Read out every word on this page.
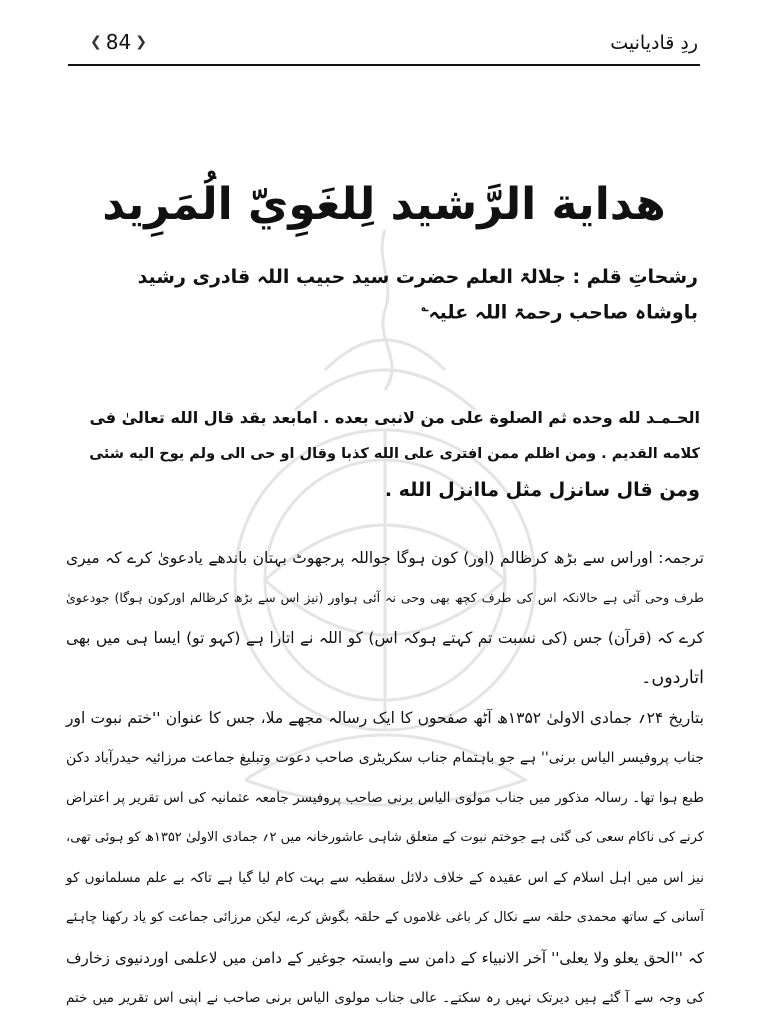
ردِ قادیانیت
❮ 84 ❯
هداية الرَّشيد لِلغَوِيّ الُمَرِيد
رشحاتِ قلم : جلالۃ العلم حضرت سید حبیب اللہ قادری رشید باوشاہ صاحب رحمۃ اللہ علیہ؎
الحـمـد لله وحده ثم الصلوة على من لانبى بعده . امابعد بقد قال الله تعالىٰ فى
كلامه القديم . ومن اظلم ممن افترى على الله كذبا وقال او حى الى ولم يوح اليه شئى
ومن قال سانزل مثل ماانزل الله .
ترجمہ: اوراس سے بڑھ کرظالم (اور) کون ہوگا جواللہ پرجھوٹ بہتان باندھے یادعویٰ کرے کہ میری
طرف وحی آئی ہے حالانکہ اس کی طرف کچھ بھی وحی نہ آئی ہواور (نیز اس سے بڑھ کرظالم اورکون ہوگا) جودعویٰ
کرے کہ (قرآن) جس (کی نسبت تم کہتے ہوکہ اس) کو اللہ نے اتارا ہے (کہو تو) ایسا ہی میں بھی
اتاردوں۔
بتاریخ ۲۴؍ جمادی الاولیٰ ۱۳۵۲ھ آٹھ صفحوں کا ایک رسالہ مجھے ملا، جس کا عنوان ''ختم نبوت اور
جناب پروفیسر الیاس برنی'' ہے جو باہتمام جناب سکریٹری صاحب دعوت وتبلیغ جماعت مرزائیہ حیدرآباد دکن
طبع ہوا تھا۔ رسالہ مذکور میں جناب مولوی الیاس برنی صاحب پروفیسر جامعہ عثمانیہ کی اس تقریر پر اعتراض
کرنے کی ناکام سعی کی گئی ہے جوختم نبوت کے متعلق شاہی عاشورخانہ میں ۲؍ جمادی الاولیٰ ۱۳۵۲ھ کو ہوئی تھی،
نیز اس میں اہل اسلام کے اس عقیدہ کے خلاف دلائل سقطیہ سے بہت کام لیا گیا ہے تاکہ بے علم مسلمانوں کو
آسانی کے ساتھ محمدی حلقہ سے نکال کر باغی غلاموں کے حلقہ بگوش کرے، لیکن مرزائی جماعت کو یاد رکھنا چاہئے
کہ ''الحق يعلو ولا يعلى'' آخر الانبیاء کے دامن سے وابستہ جوغیر کے دامن میں لاعلمی اوردنیوی زخارف
کی وجہ سے آ گئے ہیں دیرتک نہیں رہ سکتے۔ عالی جناب مولوی الیاس برنی صاحب نے اپنی اس تقریر میں ختم
